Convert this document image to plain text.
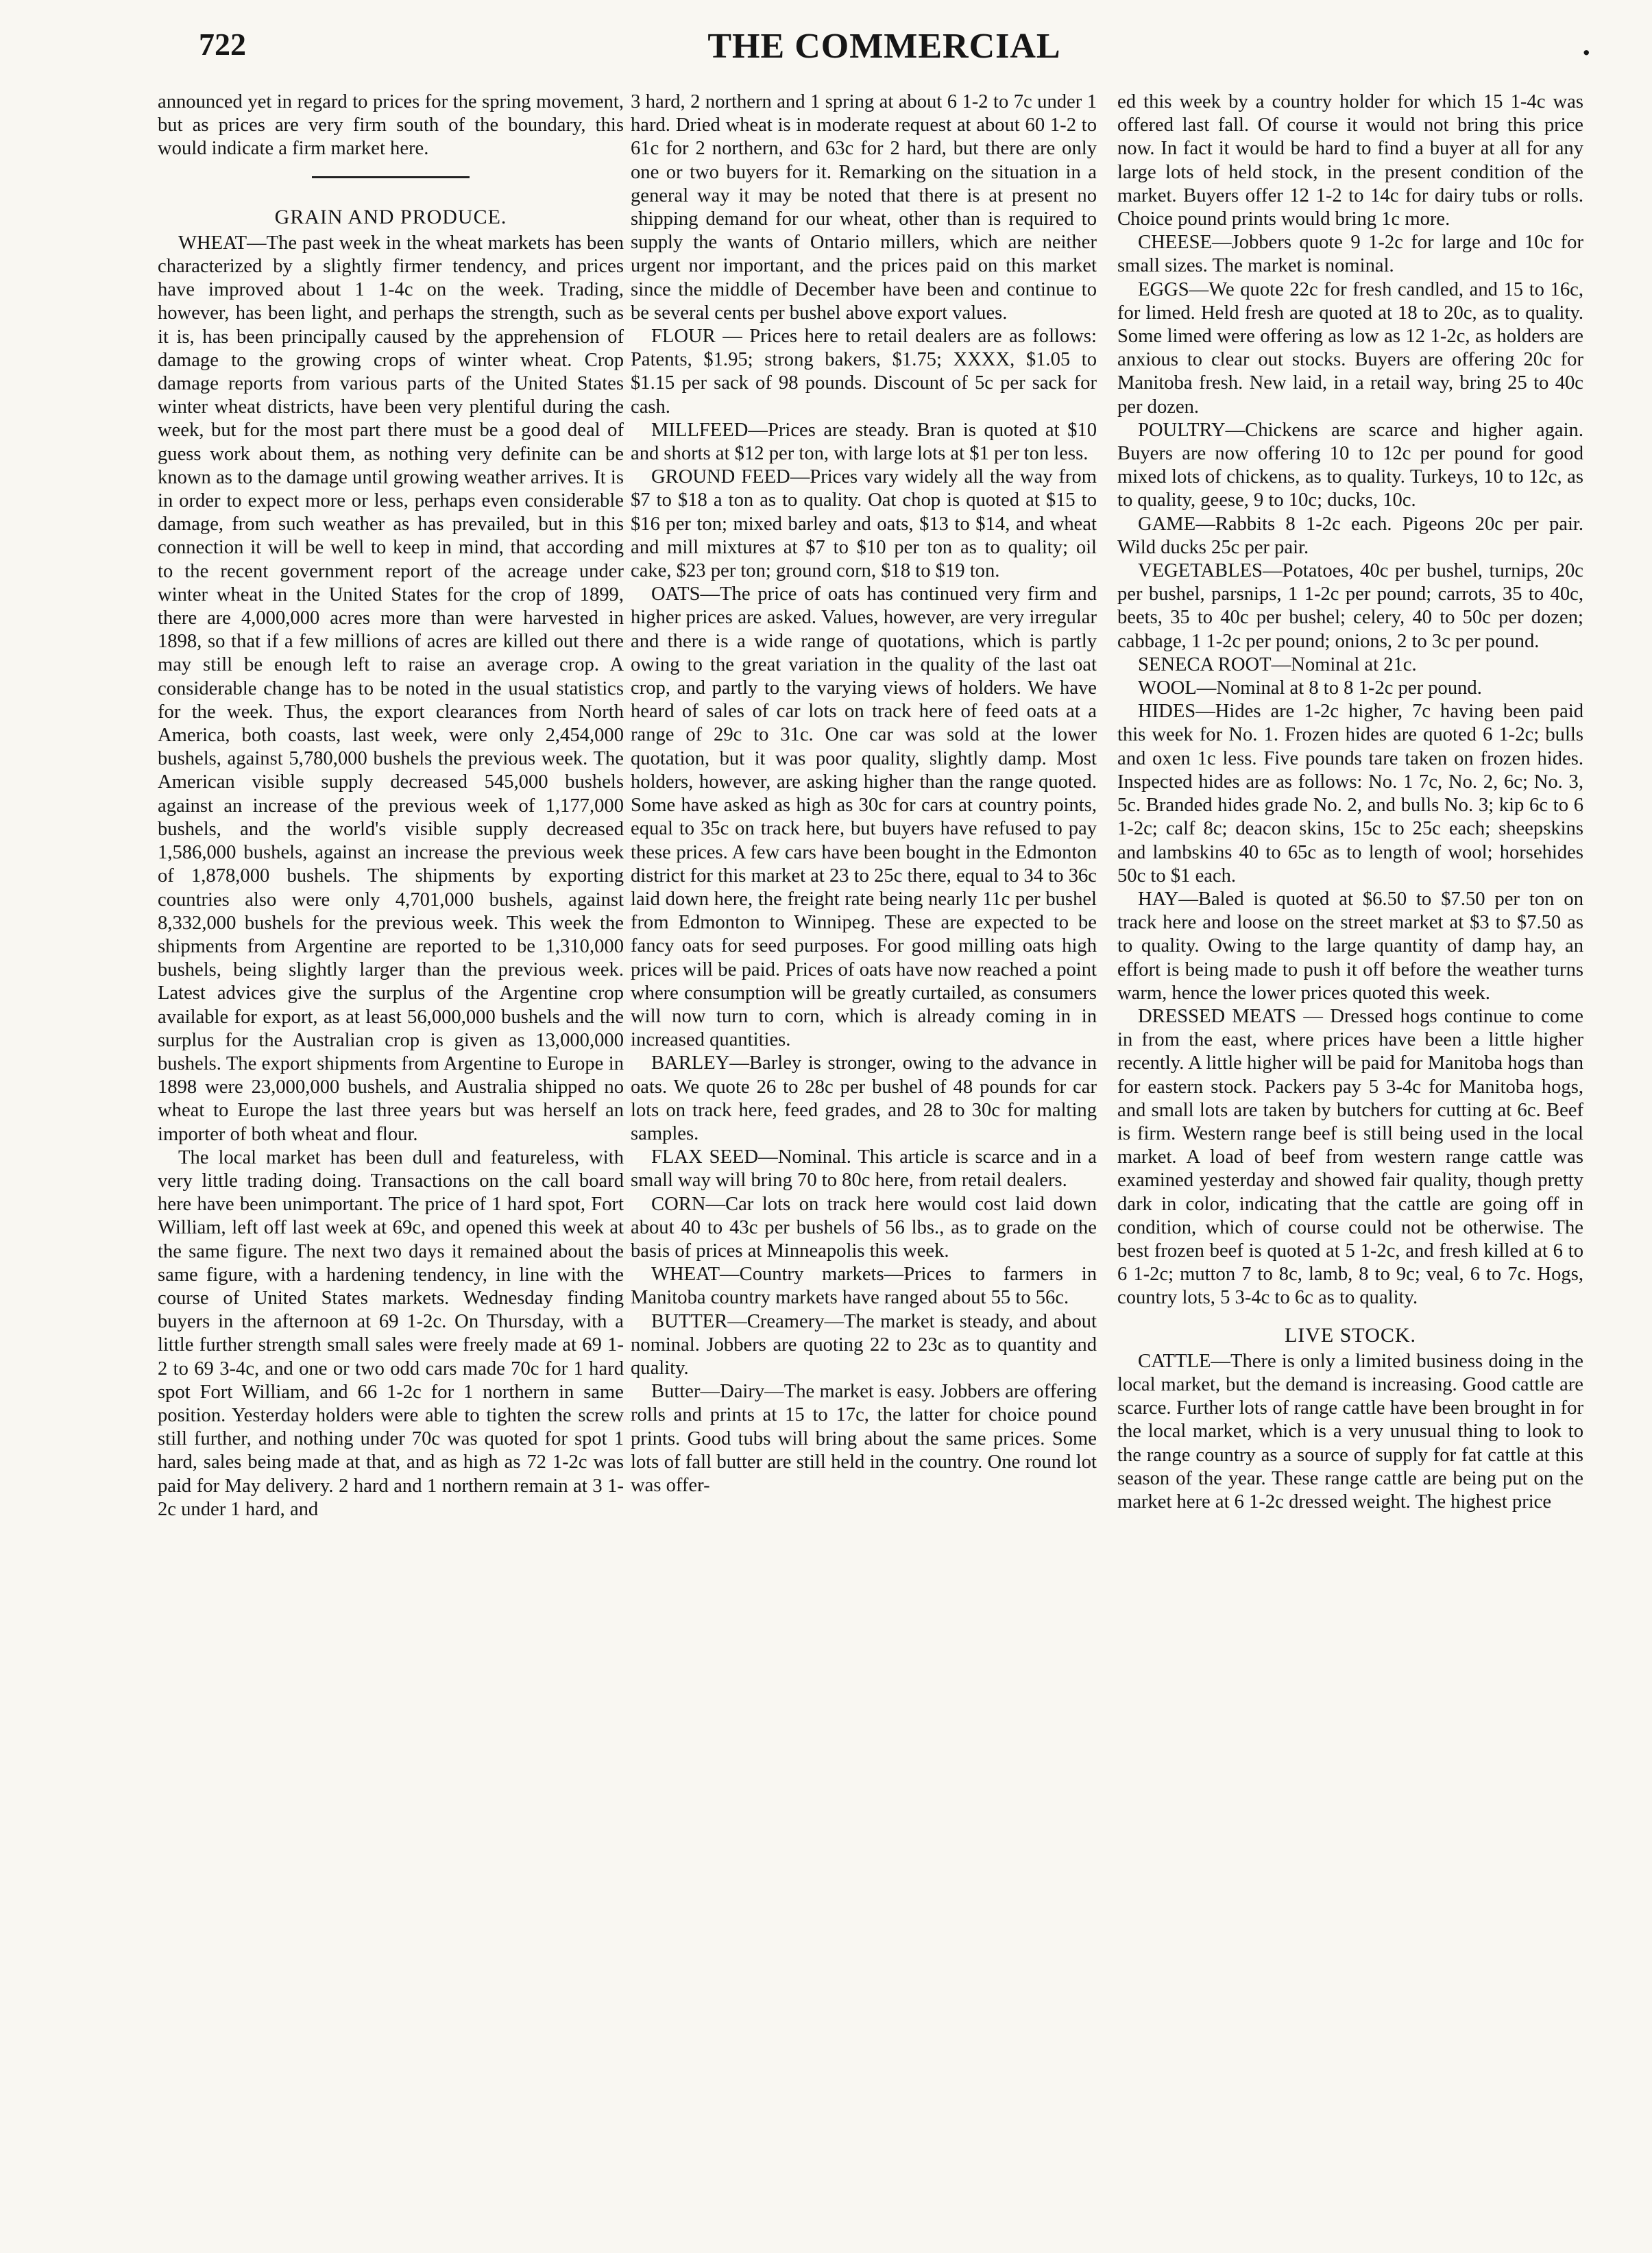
722	THE COMMERCIAL	.

announced yet in regard to prices for the spring movement, but as prices are very firm south of the boundary, this would indicate a firm market here.

GRAIN AND PRODUCE.

WHEAT—The past week in the wheat markets has been characterized by a slightly firmer tendency, and prices have improved about 1 1-4c on the week. Trading, however, has been light, and perhaps the strength, such as it is, has been principally caused by the apprehension of damage to the growing crops of winter wheat. Crop damage reports from various parts of the United States winter wheat districts, have been very plentiful during the week, but for the most part there must be a good deal of guess work about them, as nothing very definite can be known as to the damage until growing weather arrives. It is in order to expect more or less, perhaps even considerable damage, from such weather as has prevailed, but in this connection it will be well to keep in mind, that according to the recent government report of the acreage under winter wheat in the United States for the crop of 1899, there are 4,000,000 acres more than were harvested in 1898, so that if a few millions of acres are killed out there may still be enough left to raise an average crop. A considerable change has to be noted in the usual statistics for the week. Thus, the export clearances from North America, both coasts, last week, were only 2,454,000 bushels, against 5,780,000 bushels the previous week. The American visible supply decreased 545,000 bushels against an increase of the previous week of 1,177,000 bushels, and the world's visible supply decreased 1,586,000 bushels, against an increase the previous week of 1,878,000 bushels. The shipments by exporting countries also were only 4,701,000 bushels, against 8,332,000 bushels for the previous week. This week the shipments from Argentine are reported to be 1,310,000 bushels, being slightly larger than the previous week. Latest advices give the surplus of the Argentine crop available for export, as at least 56,000,000 bushels and the surplus for the Australian crop is given as 13,000,000 bushels. The export shipments from Argentine to Europe in 1898 were 23,000,000 bushels, and Australia shipped no wheat to Europe the last three years but was herself an importer of both wheat and flour.

The local market has been dull and featureless, with very little trading doing. Transactions on the call board here have been unimportant. The price of 1 hard spot, Fort William, left off last week at 69c, and opened this week at the same figure. The next two days it remained about the same figure, with a hardening tendency, in line with the course of United States markets. Wednesday finding buyers in the afternoon at 69 1-2c. On Thursday, with a little further strength small sales were freely made at 69 1-2 to 69 3-4c, and one or two odd cars made 70c for 1 hard spot Fort William, and 66 1-2c for 1 northern in same position. Yesterday holders were able to tighten the screw still further, and nothing under 70c was quoted for spot 1 hard, sales being made at that, and as high as 72 1-2c was paid for May delivery. 2 hard and 1 northern remain at 3 1-2c under 1 hard, and

3 hard, 2 northern and 1 spring at about 6 1-2 to 7c under 1 hard. Dried wheat is in moderate request at about 60 1-2 to 61c for 2 northern, and 63c for 2 hard, but there are only one or two buyers for it. Remarking on the situation in a general way it may be noted that there is at present no shipping demand for our wheat, other than is required to supply the wants of Ontario millers, which are neither urgent nor important, and the prices paid on this market since the middle of December have been and continue to be several cents per bushel above export values.

FLOUR — Prices here to retail dealers are as follows: Patents, $1.95; strong bakers, $1.75; XXXX, $1.05 to $1.15 per sack of 98 pounds. Discount of 5c per sack for cash.

MILLFEED—Prices are steady. Bran is quoted at $10 and shorts at $12 per ton, with large lots at $1 per ton less.

GROUND FEED—Prices vary widely all the way from $7 to $18 a ton as to quality. Oat chop is quoted at $15 to $16 per ton; mixed barley and oats, $13 to $14, and wheat and mill mixtures at $7 to $10 per ton as to quality; oil cake, $23 per ton; ground corn, $18 to $19 ton.

OATS—The price of oats has continued very firm and higher prices are asked. Values, however, are very irregular and there is a wide range of quotations, which is partly owing to the great variation in the quality of the last oat crop, and partly to the varying views of holders. We have heard of sales of car lots on track here of feed oats at a range of 29c to 31c. One car was sold at the lower quotation, but it was poor quality, slightly damp. Most holders, however, are asking higher than the range quoted. Some have asked as high as 30c for cars at country points, equal to 35c on track here, but buyers have refused to pay these prices. A few cars have been bought in the Edmonton district for this market at 23 to 25c there, equal to 34 to 36c laid down here, the freight rate being nearly 11c per bushel from Edmonton to Winnipeg. These are expected to be fancy oats for seed purposes. For good milling oats high prices will be paid. Prices of oats have now reached a point where consumption will be greatly curtailed, as consumers will now turn to corn, which is already coming in in increased quantities.

BARLEY—Barley is stronger, owing to the advance in oats. We quote 26 to 28c per bushel of 48 pounds for car lots on track here, feed grades, and 28 to 30c for malting samples.

FLAX SEED—Nominal. This article is scarce and in a small way will bring 70 to 80c here, from retail dealers.

CORN—Car lots on track here would cost laid down about 40 to 43c per bushels of 56 lbs., as to grade on the basis of prices at Minneapolis this week.

WHEAT—Country markets—Prices to farmers in Manitoba country markets have ranged about 55 to 56c.

BUTTER—Creamery—The market is steady, and about nominal. Jobbers are quoting 22 to 23c as to quantity and quality.

Butter—Dairy—The market is easy. Jobbers are offering rolls and prints at 15 to 17c, the latter for choice pound prints. Good tubs will bring about the same prices. Some lots of fall butter are still held in the country. One round lot was offer-

ed this week by a country holder for which 15 1-4c was offered last fall. Of course it would not bring this price now. In fact it would be hard to find a buyer at all for any large lots of held stock, in the present condition of the market. Buyers offer 12 1-2 to 14c for dairy tubs or rolls. Choice pound prints would bring 1c more.

CHEESE—Jobbers quote 9 1-2c for large and 10c for small sizes. The market is nominal.

EGGS—We quote 22c for fresh candled, and 15 to 16c, for limed. Held fresh are quoted at 18 to 20c, as to quality. Some limed were offering as low as 12 1-2c, as holders are anxious to clear out stocks. Buyers are offering 20c for Manitoba fresh. New laid, in a retail way, bring 25 to 40c per dozen.

POULTRY—Chickens are scarce and higher again. Buyers are now offering 10 to 12c per pound for good mixed lots of chickens, as to quality. Turkeys, 10 to 12c, as to quality, geese, 9 to 10c; ducks, 10c.

GAME—Rabbits 8 1-2c each. Pigeons 20c per pair. Wild ducks 25c per pair.

VEGETABLES—Potatoes, 40c per bushel, turnips, 20c per bushel, parsnips, 1 1-2c per pound; carrots, 35 to 40c, beets, 35 to 40c per bushel; celery, 40 to 50c per dozen; cabbage, 1 1-2c per pound; onions, 2 to 3c per pound.

SENECA ROOT—Nominal at 21c.

WOOL—Nominal at 8 to 8 1-2c per pound.

HIDES—Hides are 1-2c higher, 7c having been paid this week for No. 1. Frozen hides are quoted 6 1-2c; bulls and oxen 1c less. Five pounds tare taken on frozen hides. Inspected hides are as follows: No. 1 7c, No. 2, 6c; No. 3, 5c. Branded hides grade No. 2, and bulls No. 3; kip 6c to 6 1-2c; calf 8c; deacon skins, 15c to 25c each; sheepskins and lambskins 40 to 65c as to length of wool; horsehides 50c to $1 each.

HAY—Baled is quoted at $6.50 to $7.50 per ton on track here and loose on the street market at $3 to $7.50 as to quality. Owing to the large quantity of damp hay, an effort is being made to push it off before the weather turns warm, hence the lower prices quoted this week.

DRESSED MEATS — Dressed hogs continue to come in from the east, where prices have been a little higher recently. A little higher will be paid for Manitoba hogs than for eastern stock. Packers pay 5 3-4c for Manitoba hogs, and small lots are taken by butchers for cutting at 6c. Beef is firm. Western range beef is still being used in the local market. A load of beef from western range cattle was examined yesterday and showed fair quality, though pretty dark in color, indicating that the cattle are going off in condition, which of course could not be otherwise. The best frozen beef is quoted at 5 1-2c, and fresh killed at 6 to 6 1-2c; mutton 7 to 8c, lamb, 8 to 9c; veal, 6 to 7c. Hogs, country lots, 5 3-4c to 6c as to quality.

LIVE STOCK.

CATTLE—There is only a limited business doing in the local market, but the demand is increasing. Good cattle are scarce. Further lots of range cattle have been brought in for the local market, which is a very unusual thing to look to the range country as a source of supply for fat cattle at this season of the year. These range cattle are being put on the market here at 6 1-2c dressed weight. The highest price
